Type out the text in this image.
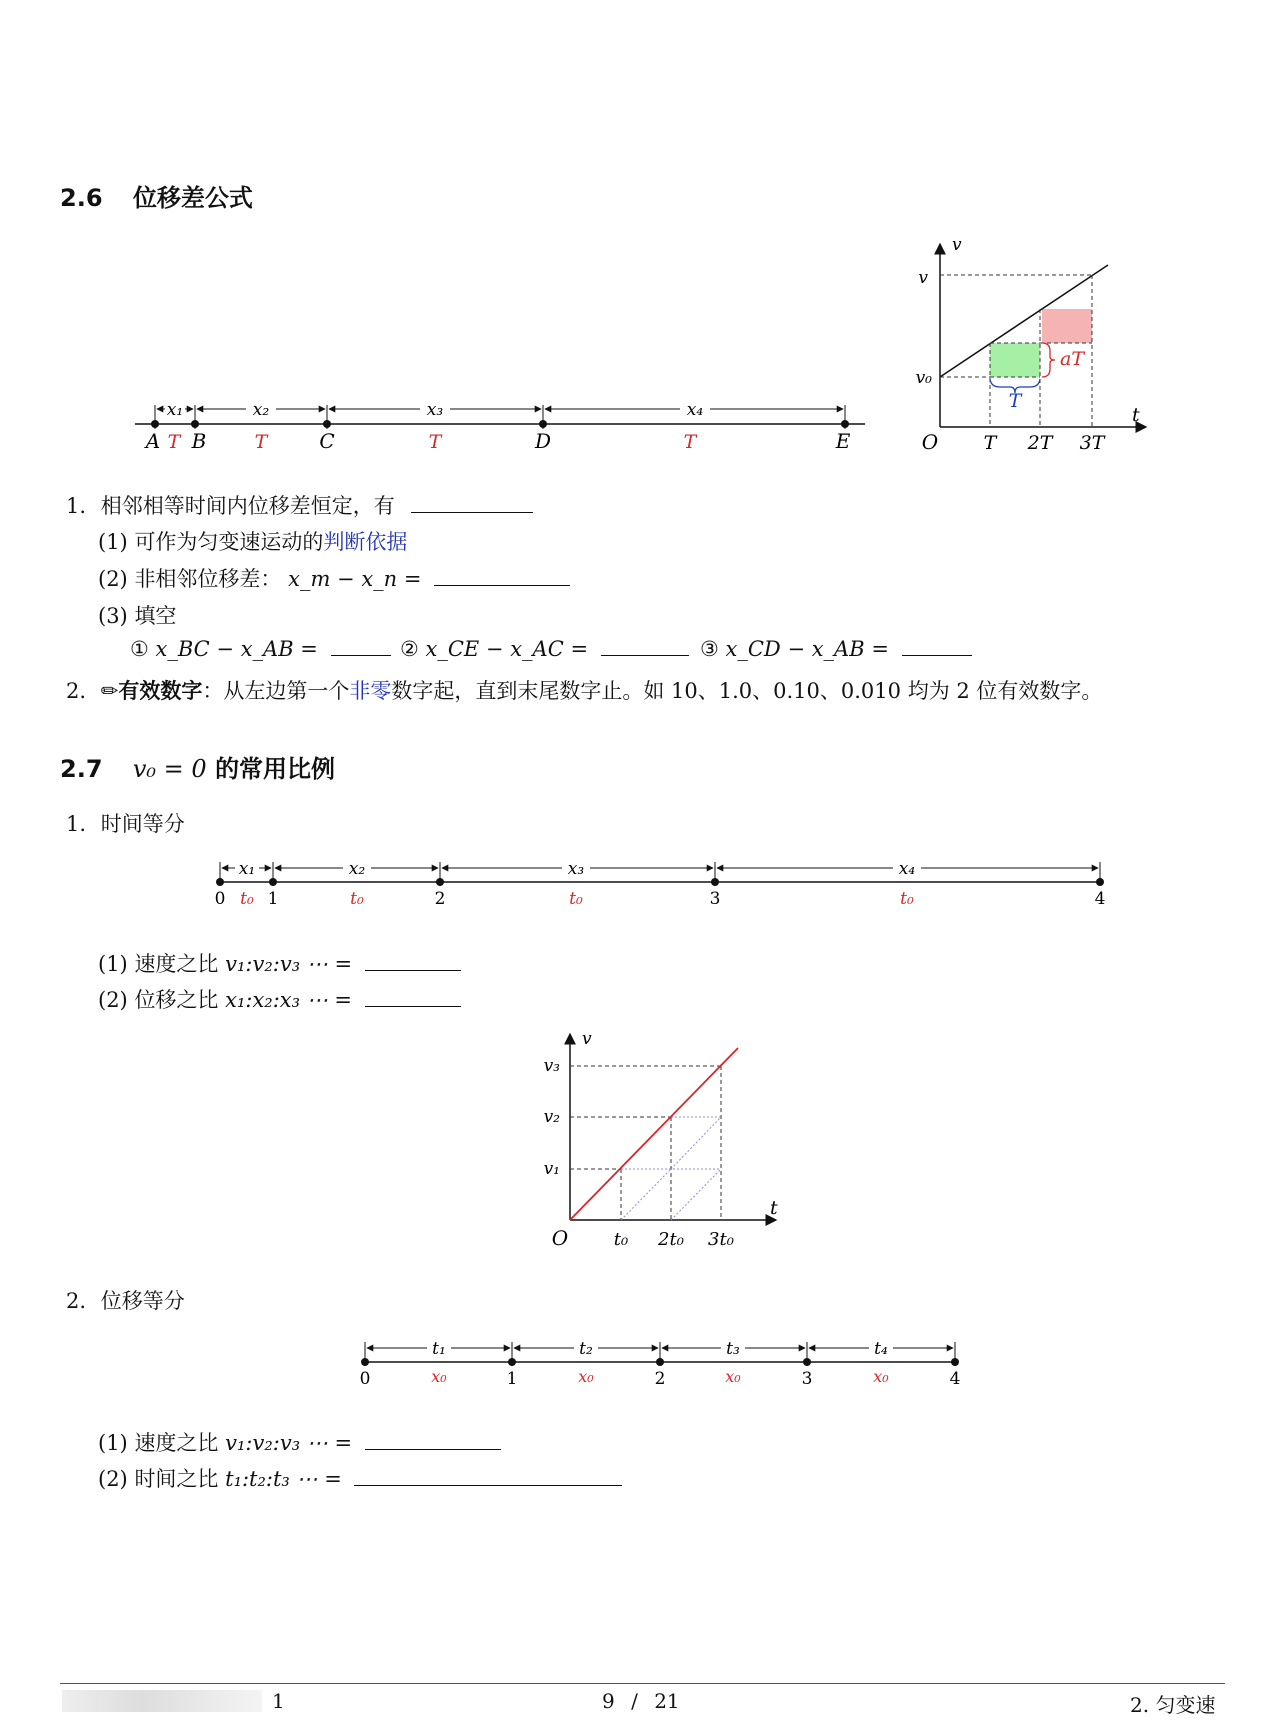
2.6 位移差公式
x₁	x₂	x₃	x₄
A T B	T	C	T	D	T	E
T
aT
v
t
v
v₀
O T 2T 3T
1. 相邻相等时间内位移差恒定，有
(1) 可作为匀变速运动的判断依据
(2) 非相邻位移差： x_m − x_n =
(3) 填空
① x_BC − x_AB =	② x_CE − x_AC =	③ x_CD − x_AB =
2. ✏有效数字：从左边第一个非零数字起，直到末尾数字止。如 10、1.0、0.10、0.010 均为 2 位有效数字。
2.7 v₀ = 0 的常用比例
1. 时间等分
x₁	x₂	x₃	x₄
0 t₀ 1	t₀	2	t₀	3	t₀	4
(1) 速度之比 v₁:v₂:v₃ ⋯ =
(2) 位移之比 x₁:x₂:x₃ ⋯ =
v
t
O
v₁
v₂
v₃
t₀ 2t₀ 3t₀
2. 位移等分
t₁	t₂	t₃	t₄
0	x₀	1	x₀	2	x₀	3	x₀	4
(1) 速度之比 v₁:v₂:v₃ ⋯ =
(2) 时间之比 t₁:t₂:t₃ ⋯ =
1	9 / 21	2. 匀变速
